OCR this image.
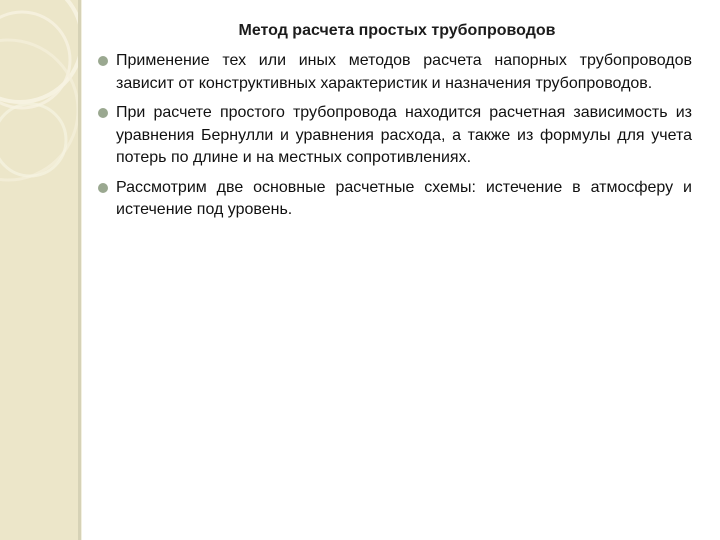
Метод расчета простых трубопроводов
Применение тех или иных методов расчета напорных трубопроводов зависит от конструктивных характеристик и назначения трубопроводов.
При расчете простого трубопровода находится расчетная зависимость из уравнения Бернулли и уравнения расхода, а также из формулы для учета потерь по длине и на местных сопротивлениях.
Рассмотрим две основные расчетные схемы: истечение в атмосферу и истечение под уровень.
